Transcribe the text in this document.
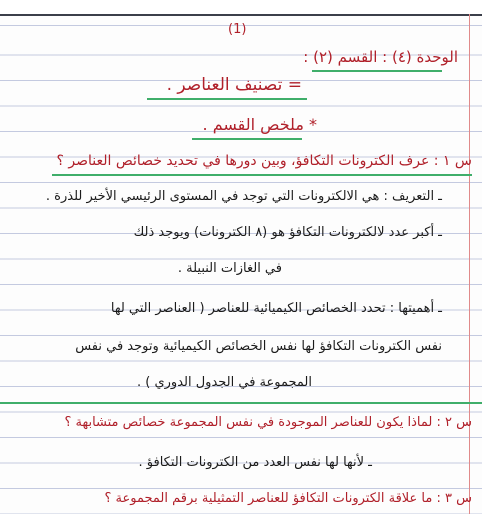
(1)
الوحدة (٤) : القسم (٢) :
= تصنيف العناصر .
* ملخص القسم .
س ١ : عرف الكترونات التكافؤ، وبين دورها في تحديد خصائص العناصر ؟
ـ التعريف : هي الالكترونات التي توجد في المستوى الرئيسي الأخير للذرة .
ـ أكبر عدد لالكترونات التكافؤ هو (٨ الكترونات) ويوجد ذلك
في الغازات النبيلة .
ـ أهميتها : تحدد الخصائص الكيميائية للعناصر ( العناصر التي لها
نفس الكترونات التكافؤ لها نفس الخصائص الكيميائية وتوجد في نفس
المجموعة في الجدول الدوري ) .
س ٢ : لماذا يكون للعناصر الموجودة في نفس المجموعة خصائص متشابهة ؟
ـ لأنها لها نفس العدد من الكترونات التكافؤ .
س ٣ : ما علاقة الكترونات التكافؤ للعناصر التمثيلية برقم المجموعة ؟
